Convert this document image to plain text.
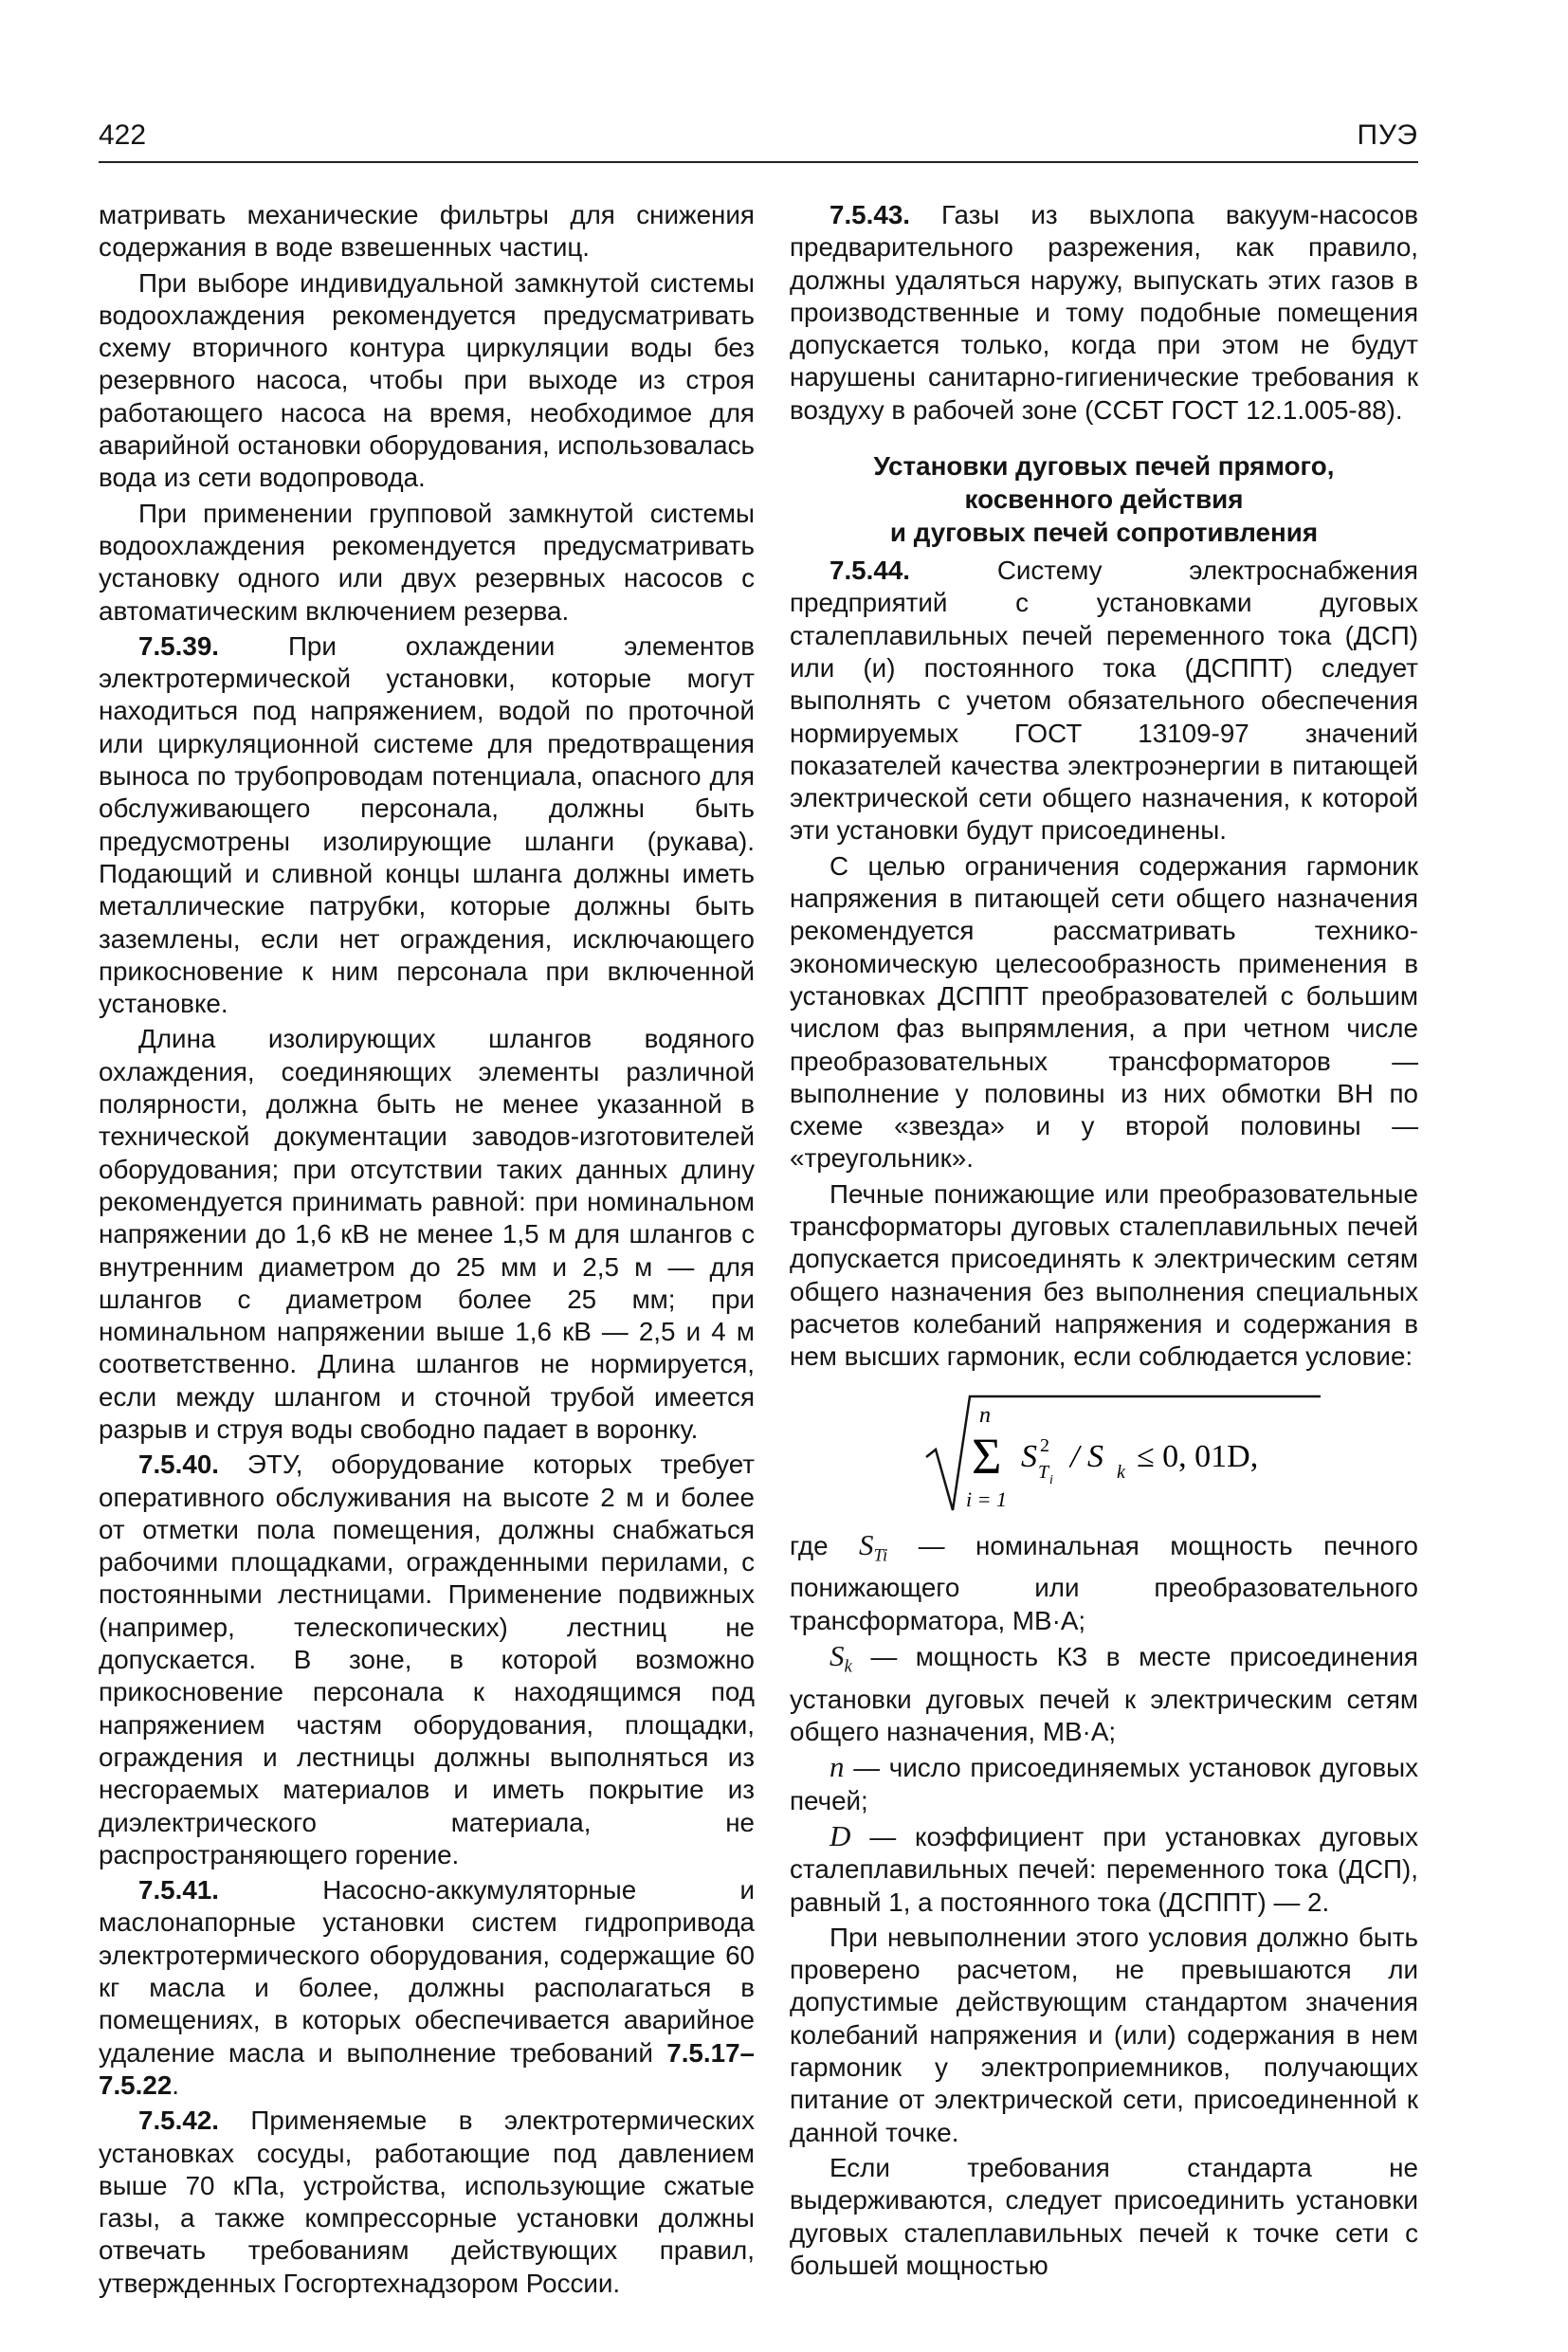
422	ПУЭ

матривать механические фильтры для снижения содержания в воде взвешенных частиц.

При выборе индивидуальной замкнутой системы водоохлаждения рекомендуется предусматривать схему вторичного контура циркуляции воды без резервного насоса, чтобы при выходе из строя работающего насоса на время, необходимое для аварийной остановки оборудования, использовалась вода из сети водопровода.

При применении групповой замкнутой системы водоохлаждения рекомендуется предусматривать установку одного или двух резервных насосов с автоматическим включением резерва.

7.5.39.	При охлаждении элементов электротермической установки, которые могут находиться под напряжением, водой по проточной или циркуляционной системе для предотвращения выноса по трубопроводам потенциала, опасного для обслуживающего персонала, должны быть предусмотрены изолирующие шланги (рукава). Подающий и сливной концы шланга должны иметь металлические патрубки, которые должны быть заземлены, если нет ограждения, исключающего прикосновение к ним персонала при включенной установке.

Длина изолирующих шлангов водяного охлаждения, соединяющих элементы различной полярности, должна быть не менее указанной в технической документации заводов-изготовителей оборудования; при отсутствии таких данных длину рекомендуется принимать равной: при номинальном напряжении до 1,6 кВ не менее 1,5 м для шлангов с внутренним диаметром до 25 мм и 2,5 м — для шлангов с диаметром более 25 мм; при номинальном напряжении выше 1,6 кВ — 2,5 и 4 м соответственно. Длина шлангов не нормируется, если между шлангом и сточной трубой имеется разрыв и струя воды свободно падает в воронку.

7.5.40. ЭТУ, оборудование которых требует оперативного обслуживания на высоте 2 м и более от отметки пола помещения, должны снабжаться рабочими площадками, огражденными перилами, с постоянными лестницами. Применение подвижных (например, телескопических) лестниц не допускается. В зоне, в которой возможно прикосновение персонала к находящимся под напряжением частям оборудования, площадки, ограждения и лестницы должны выполняться из несгораемых материалов и иметь покрытие из диэлектрического материала, не распространяющего горение.

7.5.41.	Насосно-аккумуляторные и маслонапорные установки систем гидропривода электротермического оборудования, содержащие 60 кг масла и более, должны располагаться в помещениях, в которых обеспечивается аварийное удаление масла и выполнение требований 7.5.17–7.5.22.

7.5.42. Применяемые в электротермических установках сосуды, работающие под давлением выше 70 кПа, устройства, использующие сжатые газы, а также компрессорные установки должны отвечать требованиям действующих правил, утвержденных Госгортехнадзором России.

7.5.43. Газы из выхлопа вакуум-насосов предварительного разрежения, как правило, должны удаляться наружу, выпускать этих газов в производственные и тому подобные помещения допускается только, когда при этом не будут нарушены санитарно-гигиенические требования к воздуху в рабочей зоне (ССБТ ГОСТ 12.1.005-88).

Установки дуговых печей прямого,
косвенного действия
и дуговых печей сопротивления

7.5.44.	Систему электроснабжения предприятий с установками дуговых сталеплавильных печей переменного тока (ДСП) или (и) постоянного тока (ДСППТ) следует выполнять с учетом обязательного обеспечения нормируемых ГОСТ 13109-97 значений показателей качества электроэнергии в питающей электрической сети общего назначения, к которой эти установки будут присоединены.

С целью ограничения содержания гармоник напряжения в питающей сети общего назначения рекомендуется рассматривать технико-экономическую целесообразность применения в установках ДСППТ преобразователей с большим числом фаз выпрямления, а при четном числе преобразовательных трансформаторов — выполнение у половины из них обмотки ВН по схеме «звезда» и у второй половины — «треугольник».

Печные понижающие или преобразовательные трансформаторы дуговых сталеплавильных печей допускается присоединять к электрическим сетям общего назначения без выполнения специальных расчетов колебаний напряжения и содержания в нем высших гармоник, если соблюдается условие:

n
Σ
i = 1
S 2
T i
/ S k ≤ 0, 01D,

где $S_{Ti}$ — номинальная мощность печного понижающего или преобразовательного трансформатора, МВ·А;

$S_k$ — мощность КЗ в месте присоединения установки дуговых печей к электрическим сетям общего назначения, МВ·А;

n — число присоединяемых установок дуговых печей;

D — коэффициент при установках дуговых сталеплавильных печей: переменного тока (ДСП), равный 1, а постоянного тока (ДСППТ) — 2.

При невыполнении этого условия должно быть проверено расчетом, не превышаются ли допустимые действующим стандартом значения колебаний напряжения и (или) содержания в нем гармоник у электроприемников, получающих питание от электрической сети, присоединенной к данной точке.

Если требования стандарта не выдерживаются, следует присоединить установки дуговых сталеплавильных печей к точке сети с большей мощностью
